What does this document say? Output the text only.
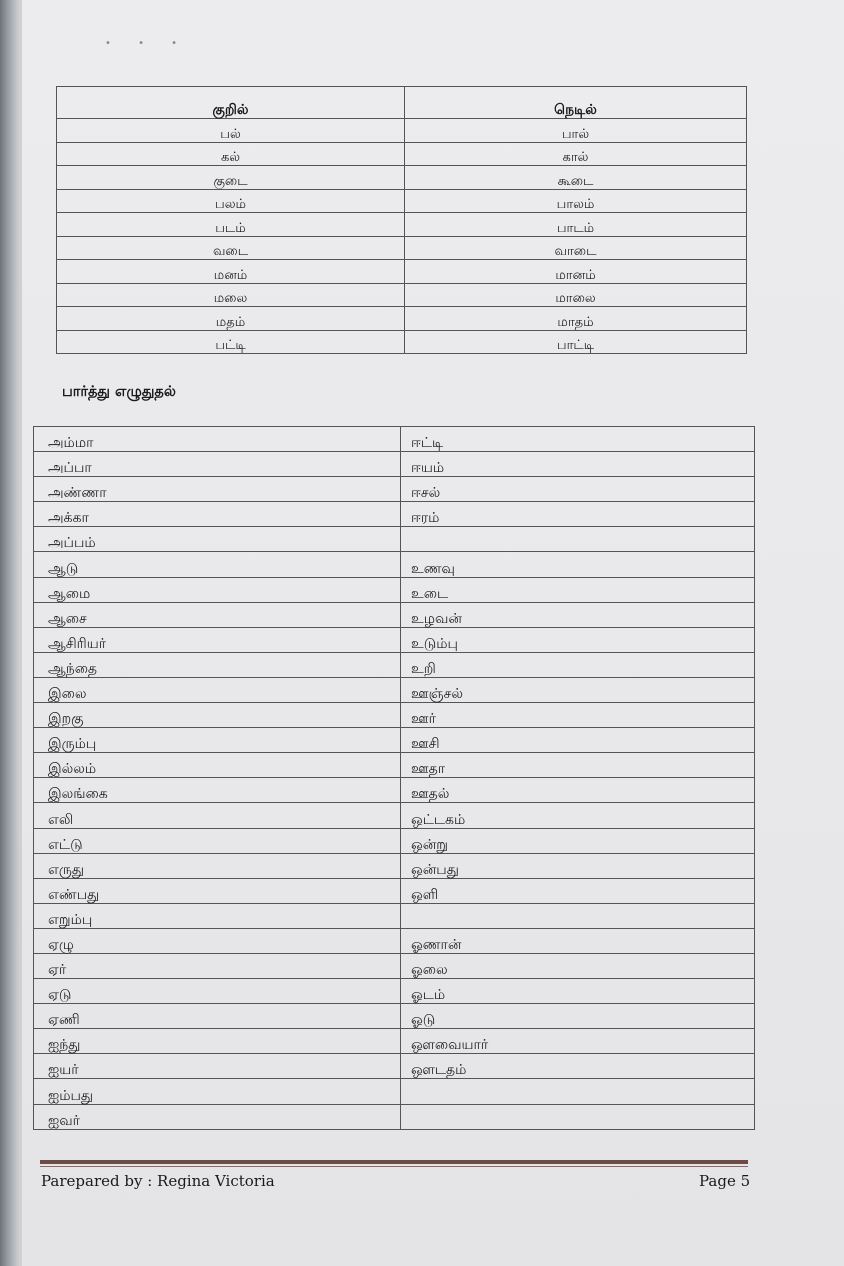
• • •
குறில்	நெடில்
பல்	பால்
கல்	கால்
குடை	கூடை
பலம்	பாலம்
படம்	பாடம்
வடை	வாடை
மனம்	மானம்
மலை	மாலை
மதம்	மாதம்
பட்டி	பாட்டி
பார்த்து எழுதுதல்
அம்மா	ஈட்டி
அப்பா	ஈயம்
அண்ணா	ஈசல்
அக்கா	ஈரம்
அப்பம்	
ஆடு	உணவு
ஆமை	உடை
ஆசை	உழவன்
ஆசிரியர்	உடும்பு
ஆந்தை	உறி
இலை	ஊஞ்சல்
இறகு	ஊர்
இரும்பு	ஊசி
இல்லம்	ஊதா
இலங்கை	ஊதல்
எலி	ஒட்டகம்
எட்டு	ஒன்று
எருது	ஒன்பது
எண்பது	ஒளி
எறும்பு	
ஏழு	ஓணான்
ஏர்	ஓலை
ஏடு	ஓடம்
ஏணி	ஓடு
ஐந்து	ஔவையார்
ஐயர்	ஔடதம்
ஐம்பது	
ஐவர்	
Parepared by : Regina Victoria	Page 5
